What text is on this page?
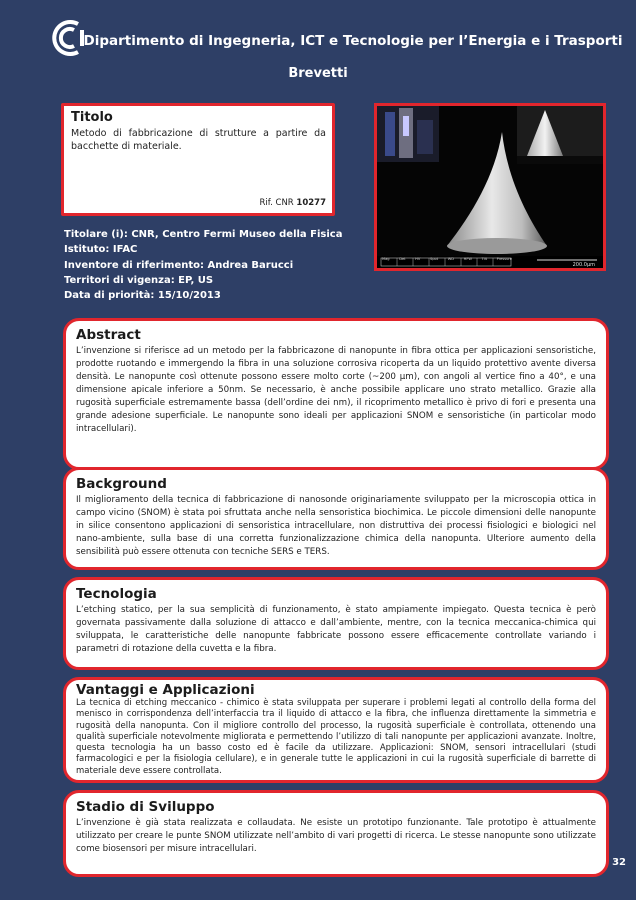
Dipartimento di Ingegneria, ICT e Tecnologie per l’Energia e i Trasporti
Brevetti
Titolo
Metodo di fabbricazione di strutture a partire da bacchette di materiale.
Rif. CNR 10277
Mag	Det	HV	Spot	WD	HFW	Tilt	Pressure
200.0μm
Titolare (i): CNR, Centro Fermi Museo della Fisica
Istituto: IFAC
Inventore di riferimento: Andrea Barucci
Territori di vigenza: EP, US
Data di priorità: 15/10/2013
Abstract
L’invenzione si riferisce ad un metodo per la fabbricazone di nanopunte in fibra ottica per applicazioni sensoristiche, prodotte ruotando e immergendo la fibra in una soluzione corrosiva ricoperta da un liquido protettivo avente diversa densità. Le nanopunte così ottenute possono essere molto corte (~200 μm), con angoli al vertice fino a 40°, e una dimensione apicale inferiore a 50nm. Se necessario, è anche possibile applicare uno strato metallico. Grazie alla rugosità superficiale estremamente bassa (dell’ordine dei nm), il ricoprimento metallico è privo di fori e presenta una grande adesione superficiale. Le nanopunte sono ideali per applicazioni SNOM e sensoristiche (in particolar modo intracellulari).
Background
Il miglioramento della tecnica di fabbricazione di nanosonde originariamente sviluppato per la microscopia ottica in campo vicino (SNOM) è stata poi sfruttata anche nella sensoristica biochimica. Le piccole dimensioni delle nanopunte in silice consentono applicazioni di sensoristica intracellulare, non distruttiva dei processi fisiologici e biologici nel nano-ambiente, sulla base di una corretta funzionalizzazione chimica della nanopunta. Ulteriore aumento della sensibilità può essere ottenuta con tecniche SERS e TERS.
Tecnologia
L’etching statico, per la sua semplicità di funzionamento, è stato ampiamente impiegato. Questa tecnica è però governata passivamente dalla soluzione di attacco e dall’ambiente, mentre, con la tecnica meccanica-chimica qui sviluppata, le caratteristiche delle nanopunte fabbricate possono essere efficacemente controllate variando i parametri di rotazione della cuvetta e la fibra.
Vantaggi e Applicazioni
La tecnica di etching meccanico - chimico è stata sviluppata per superare i problemi legati al controllo della forma del menisco in corrispondenza dell’interfaccia tra il liquido di attacco e la fibra, che influenza direttamente la simmetria e rugosità della nanopunta. Con il migliore controllo del processo, la rugosità superficiale è controllata, ottenendo una qualità superficiale notevolmente migliorata e permettendo l’utilizzo di tali nanopunte per applicazioni avanzate. Inoltre, questa tecnologia ha un basso costo ed è facile da utilizzare. Applicazioni: SNOM, sensori intracellulari (studi farmacologici e per la fisiologia cellulare), e in generale tutte le applicazioni in cui la rugosità superficiale di barrette di materiale deve essere controllata.
Stadio di Sviluppo
L’invenzione è già stata realizzata e collaudata. Ne esiste un prototipo funzionante. Tale prototipo è attualmente utilizzato per creare le punte SNOM utilizzate nell’ambito di vari progetti di ricerca. Le stesse nanopunte sono utilizzate come biosensori per misure intracellulari.
32
